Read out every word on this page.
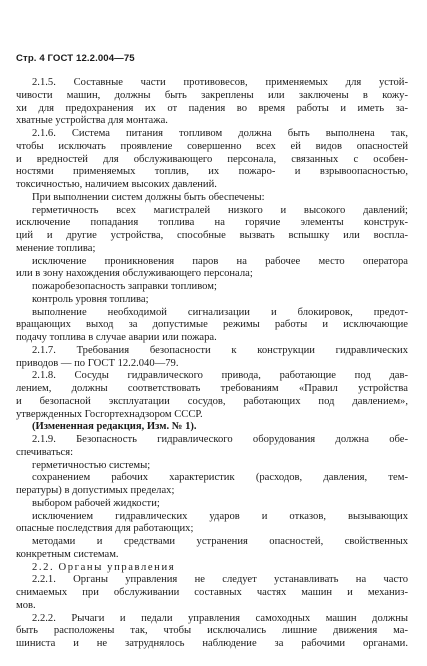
Стр. 4 ГОСТ 12.2.004—75
2.1.5. Составные части противовесов, применяемых для устой-
чивости машин, должны быть закреплены или заключены в кожу-
хи для предохранения их от падения во время работы и иметь за-
хватные устройства для монтажа.
2.1.6. Система питания топливом должна быть выполнена так,
чтобы исключать проявление совершенно всех ей видов опасностей
и вредностей для обслуживающего персонала, связанных с особен-
ностями применяемых топлив, их пожаро- и взрывоопасностью,
токсичностью, наличием высоких давлений.
При выполнении систем должны быть обеспечены:
герметичность всех магистралей низкого и высокого давлений;
исключение попадания топлива на горячие элементы конструк-
ций и другие устройства, способные вызвать вспышку или воспла-
менение топлива;
исключение проникновения паров на рабочее место оператора
или в зону нахождения обслуживающего персонала;
пожаробезопасность заправки топливом;
контроль уровня топлива;
выполнение необходимой сигнализации и блокировок, предот-
вращающих выход за допустимые режимы работы и исключающие
подачу топлива в случае аварии или пожара.
2.1.7. Требования безопасности к конструкции гидравлических
приводов — по ГОСТ 12.2.040—79.
2.1.8. Сосуды гидравлического привода, работающие под дав-
лением, должны соответствовать требованиям «Правил устройства
и безопасной эксплуатации сосудов, работающих под давлением»,
утвержденных Госгортехнадзором СССР.
(Измененная редакция, Изм. № 1).
2.1.9. Безопасность гидравлического оборудования должна обе-
спечиваться:
герметичностью системы;
сохранением рабочих характеристик (расходов, давления, тем-
пературы) в допустимых пределах;
выбором рабочей жидкости;
исключением гидравлических ударов и отказов, вызывающих
опасные последствия для работающих;
методами и средствами устранения опасностей, свойственных
конкретным системам.
2.2. Органы управления
2.2.1. Органы управления не следует устанавливать на часто
снимаемых при обслуживании составных частях машин и механиз-
мов.
2.2.2. Рычаги и педали управления самоходных машин должны
быть расположены так, чтобы исключались лишние движения ма-
шиниста и не затруднялось наблюдение за рабочими органами.
